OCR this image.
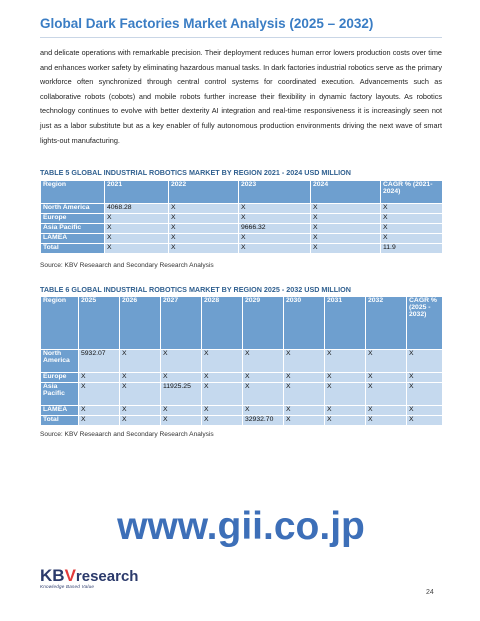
Global Dark Factories Market Analysis (2025 – 2032)
and delicate operations with remarkable precision. Their deployment reduces human error lowers production costs over time and enhances worker safety by eliminating hazardous manual tasks. In dark factories industrial robotics serve as the primary workforce often synchronized through central control systems for coordinated execution. Advancements such as collaborative robots (cobots) and mobile robots further increase their flexibility in dynamic factory layouts. As robotics technology continues to evolve with better dexterity AI integration and real-time responsiveness it is increasingly seen not just as a labor substitute but as a key enabler of fully autonomous production environments driving the next wave of smart lights-out manufacturing.
TABLE 5 GLOBAL INDUSTRIAL ROBOTICS MARKET BY REGION 2021 - 2024 USD MILLION
Region	2021	2022	2023	2024	CAGR % (2021-2024)
North America	4068.28	X	X	X	X
Europe	X	X	X	X	X
Asia Pacific	X	X	9666.32	X	X
LAMEA	X	X	X	X	X
Total	X	X	X	X	11.9
Source: KBV Reseaarch and Secondary Research Analysis
TABLE 6 GLOBAL INDUSTRIAL ROBOTICS MARKET BY REGION 2025 - 2032 USD MILLION
Region	2025	2026	2027	2028	2029	2030	2031	2032	CAGR % (2025 - 2032)
North America	5932.07	X	X	X	X	X	X	X	X
Europe	X	X	X	X	X	X	X	X	X
Asia Pacific	X	X	11925.25	X	X	X	X	X	X
LAMEA	X	X	X	X	X	X	X	X	X
Total	X	X	X	X	32932.70	X	X	X	X
Source: KBV Reseaarch and Secondary Research Analysis
www.gii.co.jp
KBVresearch
Knowledge Based Value
24
